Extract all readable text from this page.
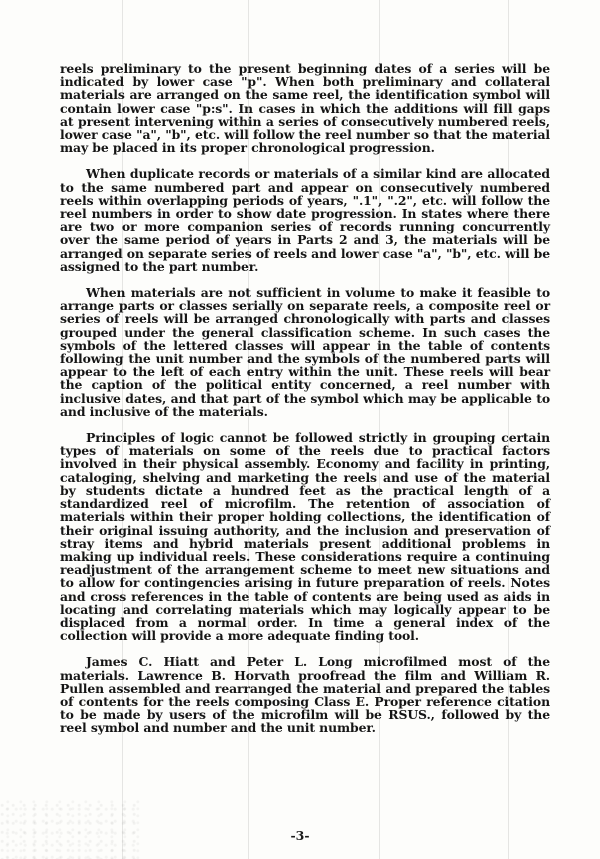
reels preliminary to the present beginning dates of a series will be indicated by lower case "p". When both preliminary and collateral materials are arranged on the same reel, the identification symbol will contain lower case "p:s". In cases in which the additions will fill gaps at present intervening within a series of consecutively numbered reels, lower case "a", "b", etc. will follow the reel number so that the material may be placed in its proper chronological progression.

When duplicate records or materials of a similar kind are allocated to the same numbered part and appear on consecutively numbered reels within overlapping periods of years, ".1", ".2", etc. will follow the reel numbers in order to show date progression. In states where there are two or more companion series of records running concurrently over the same period of years in Parts 2 and 3, the materials will be arranged on separate series of reels and lower case "a", "b", etc. will be assigned to the part number.

When materials are not sufficient in volume to make it feasible to arrange parts or classes serially on separate reels, a composite reel or series of reels will be arranged chronologically with parts and classes grouped under the general classification scheme. In such cases the symbols of the lettered classes will appear in the table of contents following the unit number and the symbols of the numbered parts will appear to the left of each entry within the unit. These reels will bear the caption of the political entity concerned, a reel number with inclusive dates, and that part of the symbol which may be applicable to and inclusive of the materials.

Principles of logic cannot be followed strictly in grouping certain types of materials on some of the reels due to practical factors involved in their physical assembly. Economy and facility in printing, cataloging, shelving and marketing the reels and use of the material by students dictate a hundred feet as the practical length of a standardized reel of microfilm. The retention of association of materials within their proper holding collections, the identification of their original issuing authority, and the inclusion and preservation of stray items and hybrid materials present additional problems in making up individual reels. These considerations require a continuing readjustment of the arrangement scheme to meet new situations and to allow for contingencies arising in future preparation of reels. Notes and cross references in the table of contents are being used as aids in locating and correlating materials which may logically appear to be displaced from a normal order. In time a general index of the collection will provide a more adequate finding tool.

James C. Hiatt and Peter L. Long microfilmed most of the materials. Lawrence B. Horvath proofread the film and William R. Pullen assembled and rearranged the material and prepared the tables of contents for the reels composing Class E. Proper reference citation to be made by users of the microfilm will be RSUS., followed by the reel symbol and number and the unit number.

-3-
